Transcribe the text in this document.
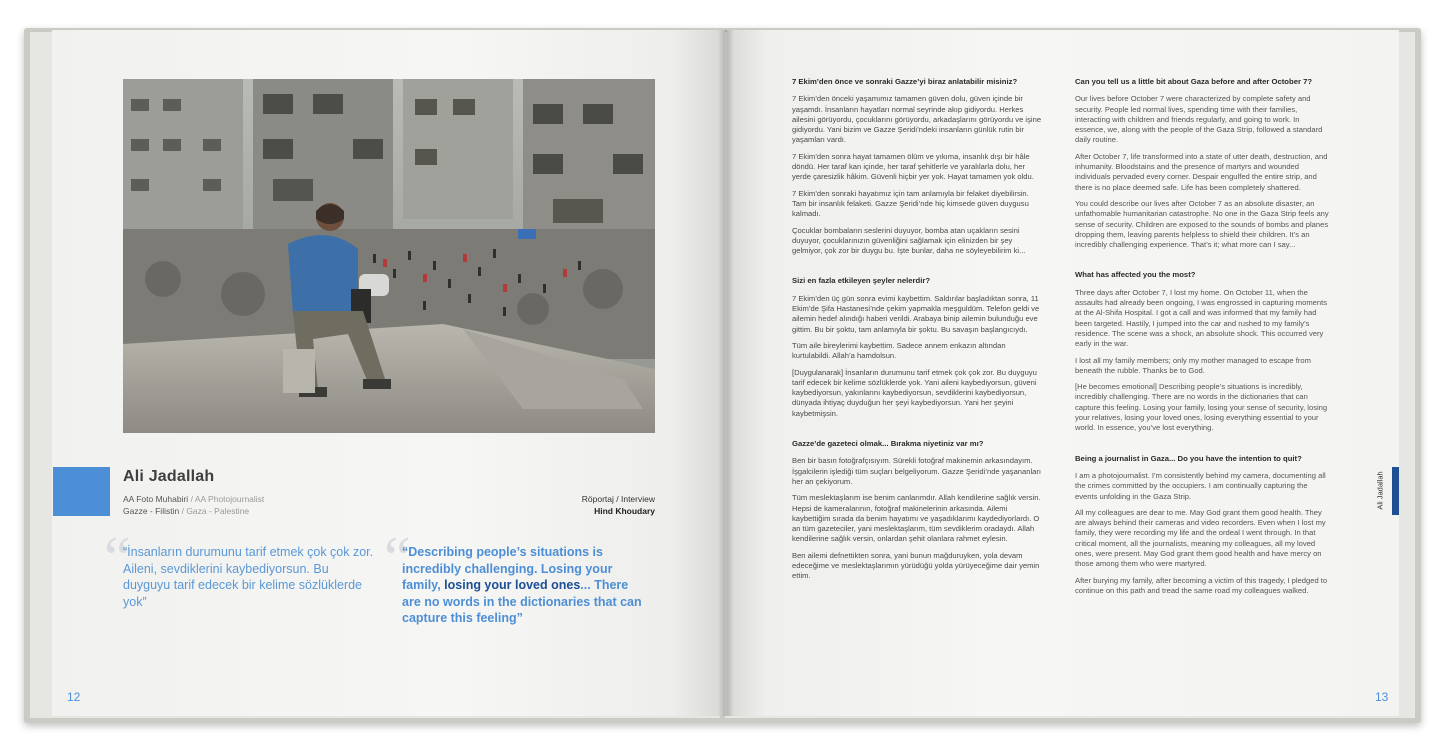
Ali Jadallah
AA Foto Muhabiri / AA Photojournalist
Gazze - Filistin / Gaza - Palestine
Röportaj / Interview
Hind Khoudary
“	“
“İnsanların durumunu tarif etmek çok çok zor. Aileni, sevdiklerini kaybediyorsun. Bu duyguyu tarif edecek bir kelime sözlüklerde yok”
“Describing people’s situations is incredibly challenging. Losing your family, losing your loved ones... There are no words in the dictionaries that can capture this feeling”
12

7 Ekim’den önce ve sonraki Gazze’yi biraz anlatabilir misiniz?

7 Ekim’den önceki yaşamımız tamamen güven dolu, güven içinde bir yaşamdı. İnsanların hayatları normal seyrinde akıp gidiyordu. Herkes ailesini görüyordu, çocuklarını görüyordu, arkadaşlarını görüyordu ve işine gidiyordu. Yani bizim ve Gazze Şeridi’ndeki insanların günlük rutin bir yaşamları vardı.

7 Ekim’den sonra hayat tamamen ölüm ve yıkıma, insanlık dışı bir hâle döndü. Her taraf kan içinde, her taraf şehitlerle ve yaralılarla dolu, her yerde çaresizlik hâkim. Güvenli hiçbir yer yok. Hayat tamamen yok oldu.

7 Ekim’den sonraki hayatımız için tam anlamıyla bir felaket diyebilirsin. Tam bir insanlık felaketi. Gazze Şeridi’nde hiç kimsede güven duygusu kalmadı.

Çocuklar bombaların seslerini duyuyor, bomba atan uçakların sesini duyuyor, çocuklarınızın güvenliğini sağlamak için elinizden bir şey gelmiyor, çok zor bir duygu bu. İşte bunlar, daha ne söyleyebilirim ki...

Sizi en fazla etkileyen şeyler nelerdir?

7 Ekim’den üç gün sonra evimi kaybettim. Saldırılar başladıktan sonra, 11 Ekim’de Şifa Hastanesi’nde çekim yapmakla meşguldüm. Telefon geldi ve ailemin hedef alındığı haberi verildi. Arabaya binip ailemin bulunduğu eve gittim. Bu bir şoktu, tam anlamıyla bir şoktu. Bu savaşın başlangıcıydı.

Tüm aile bireylerimi kaybettim. Sadece annem enkazın altından kurtulabildi. Allah’a hamdolsun.

[Duygulanarak] İnsanların durumunu tarif etmek çok çok zor. Bu duyguyu tarif edecek bir kelime sözlüklerde yok. Yani aileni kaybediyorsun, güveni kaybediyorsun, yakınlarını kaybediyorsun, sevdiklerini kaybediyorsun, dünyada ihtiyaç duyduğun her şeyi kaybediyorsun. Yani her şeyini kaybetmişsin.

Gazze’de gazeteci olmak... Bırakma niyetiniz var mı?

Ben bir basın fotoğrafçısıyım. Sürekli fotoğraf makinemin arkasındayım. İşgalcilerin işlediği tüm suçları belgeliyorum. Gazze Şeridi’nde yaşananları her an çekiyorum.

Tüm meslektaşlarım ise benim canlarımdır. Allah kendilerine sağlık versin. Hepsi de kameralarının, fotoğraf makinelerinin arkasında. Ailemi kaybettiğim sırada da benim hayatımı ve yaşadıklarımı kaydediyorlardı. O an tüm gazeteciler, yani meslektaşlarım, tüm sevdiklerim oradaydı. Allah kendilerine sağlık versin, onlardan şehit olanlara rahmet eylesin.

Ben ailemi defnettikten sonra, yani bunun mağduruyken, yola devam edeceğime ve meslektaşlarımın yürüdüğü yolda yürüyeceğime dair yemin ettim.

Can you tell us a little bit about Gaza before and after October 7?

Our lives before October 7 were characterized by complete safety and security. People led normal lives, spending time with their families, interacting with children and friends regularly, and going to work. In essence, we, along with the people of the Gaza Strip, followed a standard daily routine.

After October 7, life transformed into a state of utter death, destruction, and inhumanity. Bloodstains and the presence of martyrs and wounded individuals pervaded every corner. Despair engulfed the entire strip, and there is no place deemed safe. Life has been completely shattered.

You could describe our lives after October 7 as an absolute disaster, an unfathomable humanitarian catastrophe. No one in the Gaza Strip feels any sense of security. Children are exposed to the sounds of bombs and planes dropping them, leaving parents helpless to shield their children. It’s an incredibly challenging experience. That’s it; what more can I say...

What has affected you the most?

Three days after October 7, I lost my home. On October 11, when the assaults had already been ongoing, I was engrossed in capturing moments at the Al-Shifa Hospital. I got a call and was informed that my family had been targeted. Hastily, I jumped into the car and rushed to my family’s residence. The scene was a shock, an absolute shock. This occurred very early in the war.

I lost all my family members; only my mother managed to escape from beneath the rubble. Thanks be to God.

[He becomes emotional] Describing people’s situations is incredibly, incredibly challenging. There are no words in the dictionaries that can capture this feeling. Losing your family, losing your sense of security, losing your relatives, losing your loved ones, losing everything essential to your world. In essence, you’ve lost everything.

Being a journalist in Gaza... Do you have the intention to quit?

I am a photojournalist. I’m consistently behind my camera, documenting all the crimes committed by the occupiers. I am continually capturing the events unfolding in the Gaza Strip.

All my colleagues are dear to me. May God grant them good health. They are always behind their cameras and video recorders. Even when I lost my family, they were recording my life and the ordeal I went through. In that critical moment, all the journalists, meaning my colleagues, all my loved ones, were present. May God grant them good health and have mercy on those among them who were martyred.

After burying my family, after becoming a victim of this tragedy, I pledged to continue on this path and tread the same road my colleagues walked.

Ali Jadallah
13
